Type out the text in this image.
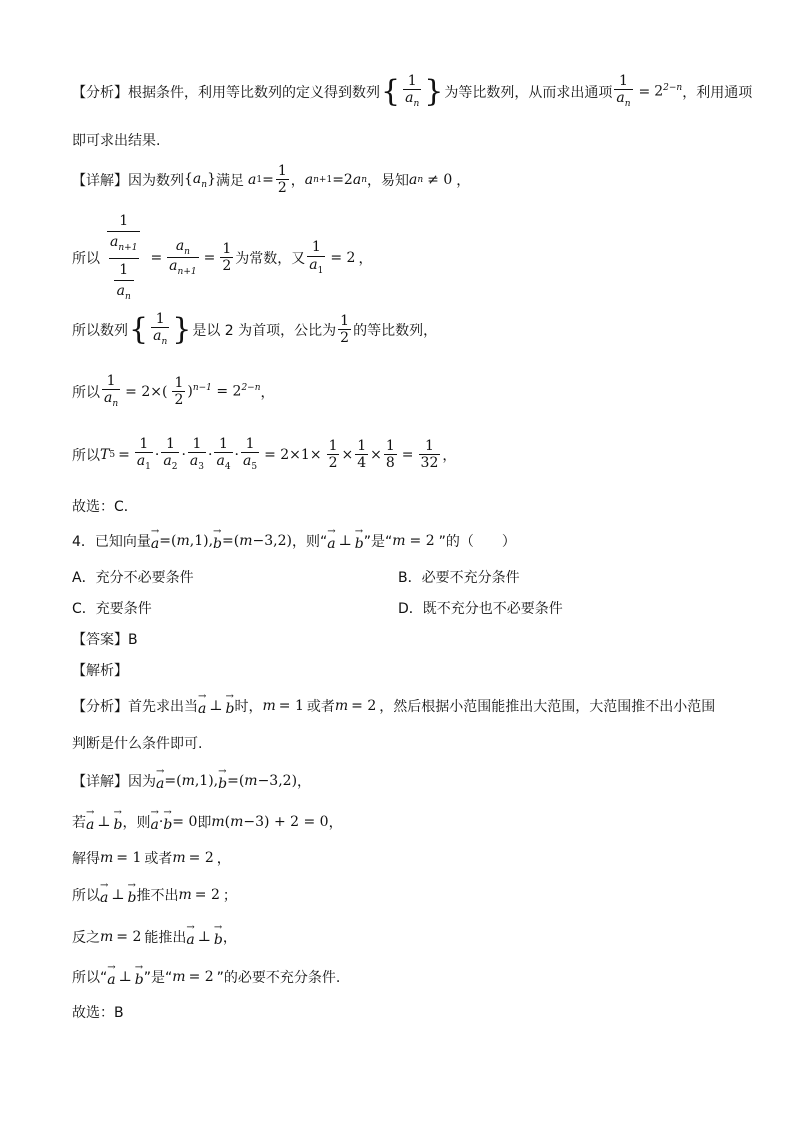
【分析】 根据条件，利用等比数列的定义得到数列 { $\frac{1}{a_n}$ } 为等比数列，从而求出通项 $\frac{1}{a_n} = 2^{2-n}$ ，利用通项
即可求出结果.
【详解】 因为数列 $\{a_n\}$ 满足 a $1 = \frac{1}{2}$ ， a n +1 =2 a n ，易知 a n ≠ 0 ，
所以 $\frac{\frac{1}{a_{n+1}}}{\frac{1}{a_n}} = \frac{a_n}{a_{n+1}} = \frac{1}{2}$ 为常数，又 $\frac{1}{a_1} = 2$ ，
所以数列 { $\frac{1}{a_n}$ } 是以 2 为首项，公比为 $\frac{1}{2}$ 的等比数列，
所以 $\frac{1}{a_n} = 2\times( \frac{1}{2} )^{n-1} = 2^{2-n}$ ，
所以 T $5 = \frac{1}{a_1} \cdot \frac{1}{a_2} \cdot \frac{1}{a_3} \cdot \frac{1}{a_4} \cdot \frac{1}{a_5} = 2\times 1\times \frac{1}{2} \times \frac{1}{4} \times \frac{1}{8} = \frac{1}{32}$ ，
故选：C．
4．已知向量 → a = ( m ,1), → b = ( m −3,2) ，则“ → a ⊥ → b ”是“ m = 2 ”的（　　）
A．充分不必要条件	B．必要不充分条件
C．充要条件	D．既不充分也不必要条件
【答案】B
【解析】
【分析】 首先求出当 → a ⊥ → b 时， m = 1 或者 m = 2 ，然后根据小范围能推出大范围，大范围推不出小范围
判断是什么条件即可.
【详解】 因为 → a = ( m ,1), → b = ( m −3,2) ，
若 → a ⊥ → b ，则 → a · → b = 0 即 m ( m −3) + 2 = 0 ，
解得 m = 1 或者 m = 2 ，
所以 → a ⊥ → b 推不出 m = 2 ；
反之 m = 2 能推出 → a ⊥ → b ，
所以“ → a ⊥ → b ”是“ m = 2 ”的必要不充分条件.
故选：B
